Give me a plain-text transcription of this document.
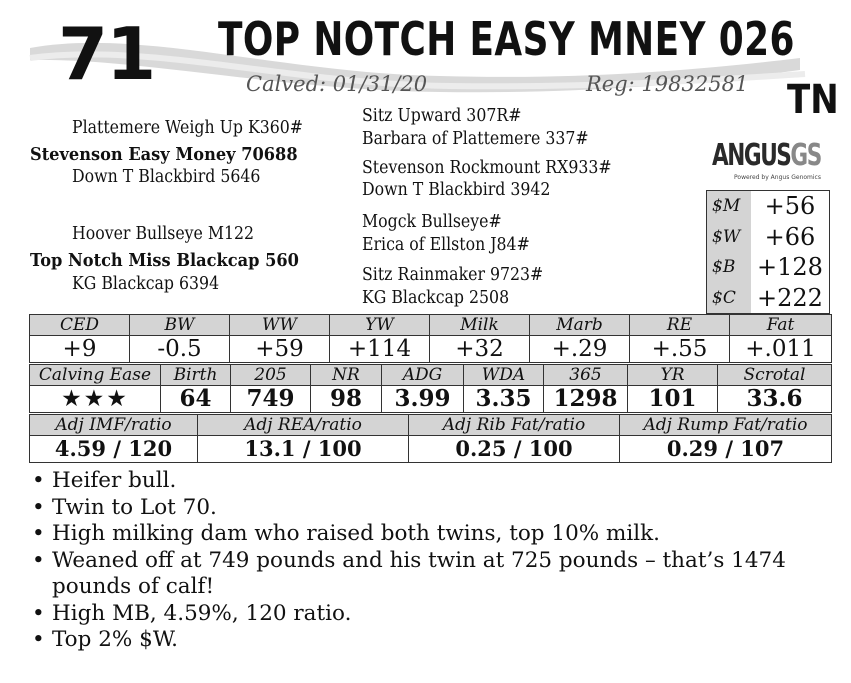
71 TOP NOTCH EASY MNEY 026
Calved: 01/31/20	Reg: 19832581 TN
Plattemere Weigh Up K360#
Stevenson Easy Money 70688
Down T Blackbird 5646
Hoover Bullseye M122
Top Notch Miss Blackcap 560
KG Blackcap 6394
Sitz Upward 307R#
Barbara of Plattemere 337#
Stevenson Rockmount RX933#
Down T Blackbird 3942
Mogck Bullseye#
Erica of Ellston J84#
Sitz Rainmaker 9723#
KG Blackcap 2508
ANGUSGS
Powered by Angus Genomics
$M	+56
$W	+66
$B +128
$C +222
CED	BW	WW	YW	Milk	Marb	RE	Fat
+9	-0.5	+59	+114	+32	+.29	+.55	+.011
Calving Ease	Birth	205	NR	ADG	WDA	365	YR	Scrotal
★★★	64	749	98	3.99	3.35	1298	101	33.6
Adj IMF/ratio	Adj REA/ratio	Adj Rib Fat/ratio	Adj Rump Fat/ratio
4.59 / 120	13.1 / 100	0.25 / 100	0.29 / 107
• Heifer bull.
• Twin to Lot 70.
• High milking dam who raised both twins, top 10% milk.
• Weaned off at 749 pounds and his twin at 725 pounds – that’s 1474 pounds of calf!
• High MB, 4.59%, 120 ratio.
• Top 2% $W.
